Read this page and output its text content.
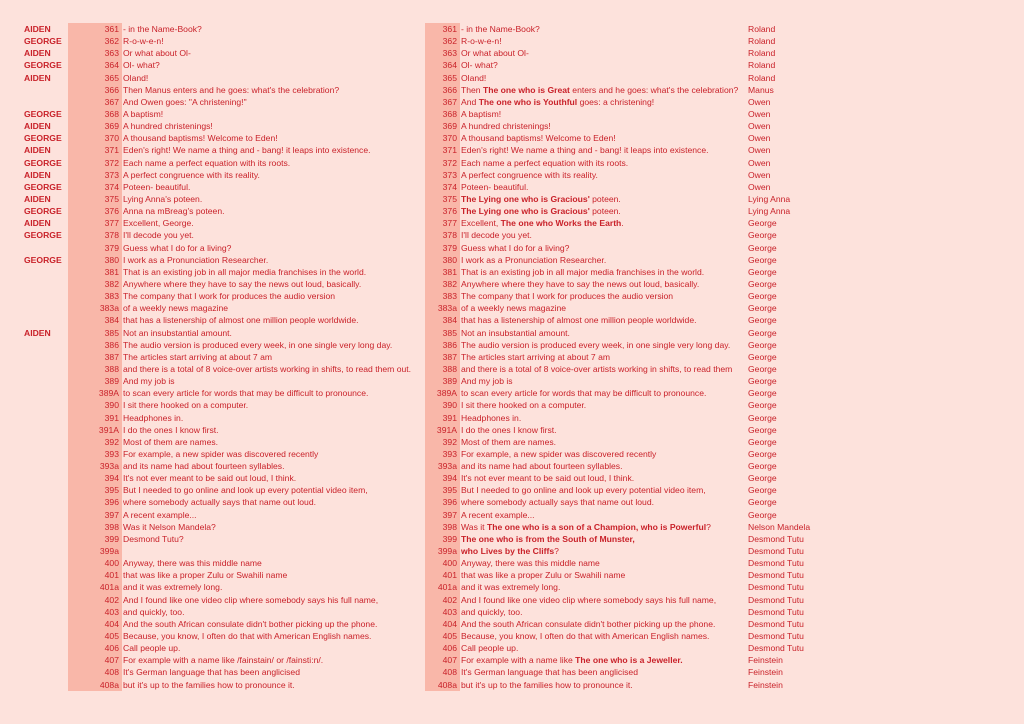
AIDEN	361 - in the Name-Book?
GEORGE	362 R-o-w-e-n!
AIDEN	363 Or what about Ol-
GEORGE	364 Ol- what?
AIDEN	365 Oland!
366 Then Manus enters and he goes: what's the celebration?
367 And Owen goes: "A christening!"
GEORGE	368 A baptism!
AIDEN	369 A hundred christenings!
GEORGE	370 A thousand baptisms! Welcome to Eden!
AIDEN	371 Eden's right! We name a thing and - bang! it leaps into existence.
GEORGE	372 Each name a perfect equation with its roots.
AIDEN	373 A perfect congruence with its reality.
GEORGE	374 Poteen- beautiful.
AIDEN	375 Lying Anna's poteen.
GEORGE	376 Anna na mBreag's poteen.
AIDEN	377 Excellent, George.
GEORGE	378 I'll decode you yet.
379 Guess what I do for a living?
GEORGE	380 I work as a Pronunciation Researcher.
381 That is an existing job in all major media franchises in the world.
382 Anywhere where they have to say the news out loud, basically.
383 The company that I work for produces the audio version
383a of a weekly news magazine
384 that has a listenership of almost one million people worldwide.
AIDEN	385 Not an insubstantial amount.
386 The audio version is produced every week, in one single very long day.
387 The articles start arriving at about 7 am
388 and there is a total of 8 voice-over artists working in shifts, to read them out.
389 And my job is
389A to scan every article for words that may be difficult to pronounce.
390 I sit there hooked on a computer.
391 Headphones in.
391A I do the ones I know first.
392 Most of them are names.
393 For example, a new spider was discovered recently
393a and its name had about fourteen syllables.
394 It's not ever meant to be said out loud, I think.
395 But I needed to go online and look up every potential video item,
396 where somebody actually says that name out loud.
397 A recent example...
398 Was it Nelson Mandela?
399 Desmond Tutu?
399a
400 Anyway, there was this middle name
401 that was like a proper Zulu or Swahili name
401a and it was extremely long.
402 And I found like one video clip where somebody says his full name,
403 and quickly, too.
404 And the south African consulate didn't bother picking up the phone.
405 Because, you know, I often do that with American English names.
406 Call people up.
407 For example with a name like /fainstain/ or /fainsti:n/.
408 It's German language that has been anglicised
408a but it's up to the families how to pronounce it.
361 - in the Name-Book?	Roland
362 R-o-w-e-n!	Roland
363 Or what about Ol-	Roland
364 Ol- what?	Roland
365 Oland!	Roland
366 Then The one who is Great enters and he goes: what's the celebration?	Manus
367 And The one who is Youthful goes: a christening!	Owen
368 A baptism!	Owen
369 A hundred christenings!	Owen
370 A thousand baptisms! Welcome to Eden!	Owen
371 Eden's right! We name a thing and - bang! it leaps into existence.	Owen
372 Each name a perfect equation with its roots.	Owen
373 A perfect congruence with its reality.	Owen
374 Poteen- beautiful.	Owen
375 The Lying one who is Gracious' poteen.	Lying Anna
376 The Lying one who is Gracious' poteen.	Lying Anna
377 Excellent, The one who Works the Earth.	George
378 I'll decode you yet.	George
379 Guess what I do for a living?	George
380 I work as a Pronunciation Researcher.	George
381 That is an existing job in all major media franchises in the world.	George
382 Anywhere where they have to say the news out loud, basically.	George
383 The company that I work for produces the audio version	George
383a of a weekly news magazine	George
384 that has a listenership of almost one million people worldwide.	George
385 Not an insubstantial amount.	George
386 The audio version is produced every week, in one single very long day.	George
387 The articles start arriving at about 7 am	George
388 and there is a total of 8 voice-over artists working in shifts, to read them	George
389 And my job is	George
389A to scan every article for words that may be difficult to pronounce.	George
390 I sit there hooked on a computer.	George
391 Headphones in.	George
391A I do the ones I know first.	George
392 Most of them are names.	George
393 For example, a new spider was discovered recently	George
393a and its name had about fourteen syllables.	George
394 It's not ever meant to be said out loud, I think.	George
395 But I needed to go online and look up every potential video item,	George
396 where somebody actually says that name out loud.	George
397 A recent example...	George
398 Was it The one who is a son of a Champion, who is Powerful?	Nelson Mandela
399 The one who is from the South of Munster,	Desmond Tutu
399a who Lives by the Cliffs?	Desmond Tutu
400 Anyway, there was this middle name	Desmond Tutu
401 that was like a proper Zulu or Swahili name	Desmond Tutu
401a and it was extremely long.	Desmond Tutu
402 And I found like one video clip where somebody says his full name,	Desmond Tutu
403 and quickly, too.	Desmond Tutu
404 And the south African consulate didn't bother picking up the phone.	Desmond Tutu
405 Because, you know, I often do that with American English names.	Desmond Tutu
406 Call people up.	Desmond Tutu
407 For example with a name like The one who is a Jeweller.	Feinstein
408 It's German language that has been anglicised	Feinstein
408a but it's up to the families how to pronounce it.	Feinstein
